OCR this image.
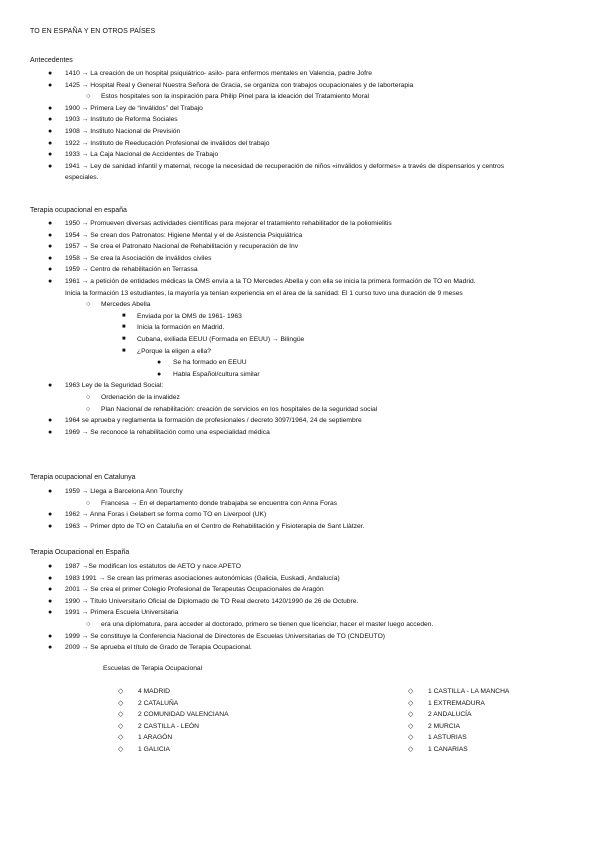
TO EN ESPAÑA Y EN OTROS PAÍSES
Antecedentes
● 1410 → La creación de un hospital psiquiátrico- asilo- para enfermos mentales en Valencia, padre Jofre
● 1425 → Hospital Real y General Nuestra Señora de Gracia, se organiza con trabajos ocupacionales y de laborterapia
○ Estos hospitales son la inspiración para Philip Pinel para la ideación del Tratamiento Moral
● 1900 → Primera Ley de “inválidos” del Trabajo
● 1903 → Instituto de Reforma Sociales
● 1908 → Instituto Nacional de Previsión
● 1922 → Instituto de Reeducación Profesional de inválidos del trabajo
● 1933 → La Caja Nacional de Accidentes de Trabajo
● 1941 → Ley de sanidad infantil y maternal, recoge la necesidad de recuperación de niños «inválidos y deformes» a través de dispensarios y centros
especiales.
Terapia ocupacional en españa
● 1950 → Promueven diversas actividades científicas para mejorar el tratamiento rehabilitador de la poliomielitis
● 1954 → Se crean dos Patronatos: Higiene Mental y el de Asistencia Psiquiátrica
● 1957 → Se crea el Patronato Nacional de Rehabilitación y recuperación de Inv
● 1958 → Se crea la Asociación de inválidos civiles
● 1959 → Centro de rehabilitación en Terrassa
● 1961 → a petición de entidades médicas la OMS envía a la TO Mercedes Abella y con ella se inicia la primera formación de TO en Madrid.
Inicia la formación 13 estudiantes, la mayoría ya tenían experiencia en el área de la sanidad. El 1 curso tuvo una duración de 9 meses
○ Mercedes Abella
■ Enviada por la OMS de 1961- 1963
■ Inicia la formación en Madrid.
■ Cubana, exiliada EEUU (Formada en EEUU) → Bilingüe
■ ¿Porque la eligen a ella?
● Se ha formado en EEUU
● Habla Español/cultura similar
● 1963 Ley de la Seguridad Social:
○ Ordenación de la invalidez
○ Plan Nacional de rehabilitación: creación de servicios en los hospitales de la seguridad social
● 1964 se aprueba y reglamenta la formación de profesionales / decreto 3097/1964, 24 de septiembre
● 1969 → Se reconoce la rehabilitación como una especialidad médica
Terapia ocupacional en Catalunya
● 1959 → Llega a Barcelona Ann Tourchy
○ Francesa → En el departamento donde trabajaba se encuentra con Anna Foras
● 1962 → Anna Foras i Gelabert se forma como TO en Liverpool (UK)
● 1963 → Primer dpto de TO en Cataluña en el Centro de Rehabilitación y Fisioterapia de Sant Llàtzer.
Terapia Ocupacional en España
● 1987 →Se modifican los estatutos de AETO y nace APETO
● 1983 1991 → Se crean las primeras asociaciones autonómicas (Galicia, Euskadi, Andalucía)
● 2001 → Se crea el primer Colegio Profesional de Terapeutas Ocupacionales de Aragón
● 1990 → Título Universitario Oficial de Diplomado de TO Real decreto 1420/1990 de 26 de Octubre.
● 1991 → Primera Escuela Universitaria
○ era una diplomatura, para acceder al doctorado, primero se tienen que licenciar, hacer el master luego acceden.
● 1999 → Se constituye la Conferencia Nacional de Directores de Escuelas Universitarias de TO (CNDEUTO)
● 2009 → Se aprueba el título de Grado de Terapia Ocupacional.
Escuelas de Terapia Ocupacional
◇ 4 MADRID
◇ 2 CATALUÑA
◇ 2 COMUNIDAD VALENCIANA
◇ 2 CASTILLA - LEÓN
◇ 1 ARAGÓN
◇ 1 GALICIA
◇ 1 CASTILLA - LA MANCHA
◇ 1 EXTREMADURA
◇ 2 ANDALUCÍA
◇ 2 MURCIA
◇ 1 ASTURIAS
◇ 1 CANARIAS
